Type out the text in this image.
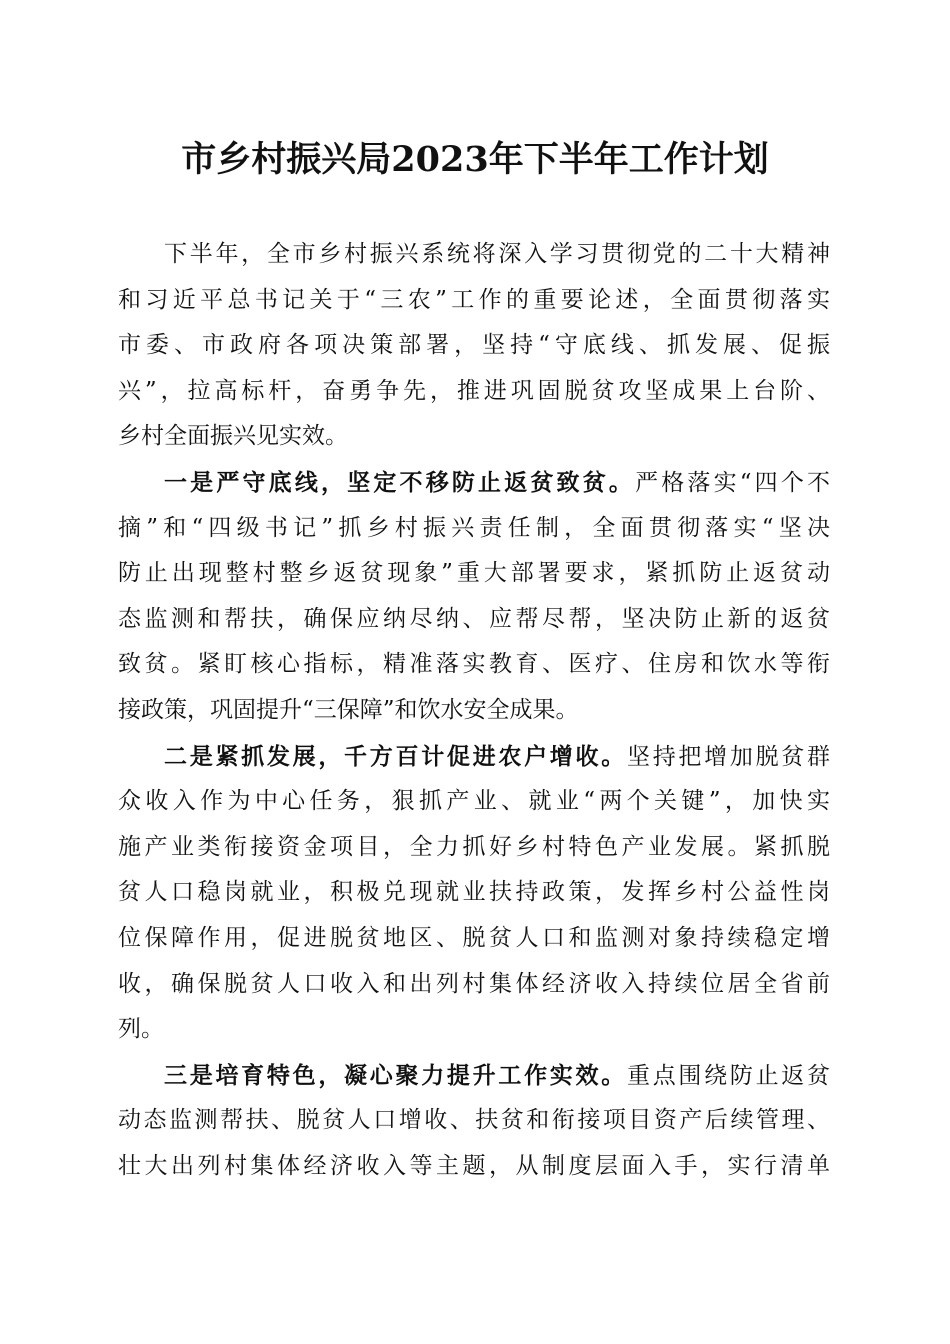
市乡村振兴局2023年下半年工作计划
下半年，全市乡村振兴系统将深入学习贯彻党的二十大精神
和习近平总书记关于“三农”工作的重要论述，全面贯彻落实
市委、市政府各项决策部署，坚持“守底线、抓发展、促振
兴”，拉高标杆，奋勇争先，推进巩固脱贫攻坚成果上台阶、
乡村全面振兴见实效。
一是严守底线，坚定不移防止返贫致贫。严格落实“四个不
摘”和“四级书记”抓乡村振兴责任制，全面贯彻落实“坚决
防止出现整村整乡返贫现象”重大部署要求，紧抓防止返贫动
态监测和帮扶，确保应纳尽纳、应帮尽帮，坚决防止新的返贫
致贫。紧盯核心指标，精准落实教育、医疗、住房和饮水等衔
接政策，巩固提升“三保障”和饮水安全成果。
二是紧抓发展，千方百计促进农户增收。坚持把增加脱贫群
众收入作为中心任务，狠抓产业、就业“两个关键”，加快实
施产业类衔接资金项目，全力抓好乡村特色产业发展。紧抓脱
贫人口稳岗就业，积极兑现就业扶持政策，发挥乡村公益性岗
位保障作用，促进脱贫地区、脱贫人口和监测对象持续稳定增
收，确保脱贫人口收入和出列村集体经济收入持续位居全省前
列。
三是培育特色，凝心聚力提升工作实效。重点围绕防止返贫
动态监测帮扶、脱贫人口增收、扶贫和衔接项目资产后续管理、
壮大出列村集体经济收入等主题，从制度层面入手，实行清单
